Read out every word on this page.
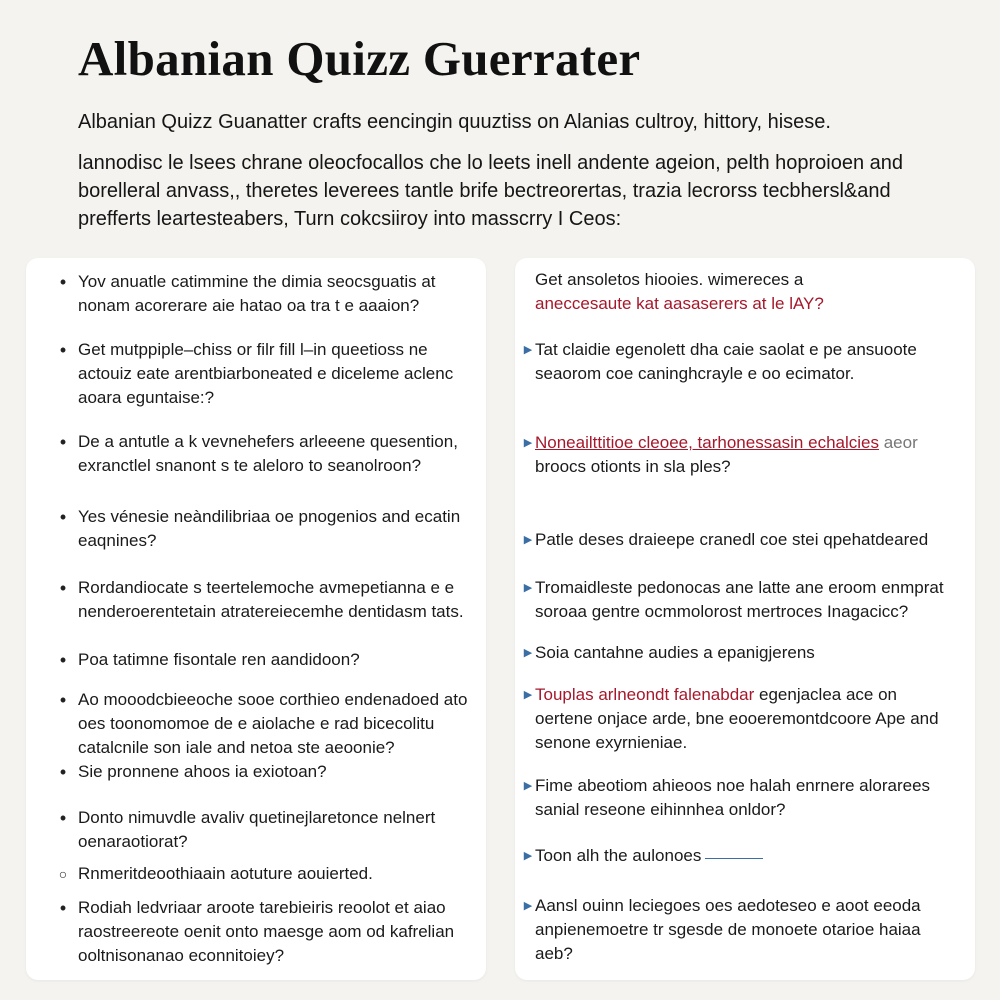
Albanian Quizz Guerrater

Albanian Quizz Guanatter crafts eencingin quuztiss on Alanias cultroy, hittory, hisese.

lannodisc le lsees chrane oleocfocallos che lo leets inell andente ageion, pelth hoproioen and
borelleral anvass,, theretes leverees tantle brife bectreorertas, trazia lecrorss tecbhersl&and
prefferts leartesteabers, Turn cokcsiiroy into masscrry I Ceos:

• Yov anuatle catimmine the dimia seocsguatis at
nonam acorerare aie hatao oa tra t e aaaion?
• Get mutppiple–chiss or filr fill l–in queetioss ne
actouiz eate arentbiarboneated e diceleme aclenc
aoara eguntaise:?
• De a antutle a k vevnehefers arleeene quesention,
exranctlel snanont s te aleloro to seanolroon?
• Yes vénesie neàndilibriaa oe pnogenios and ecatin
eaqnines?
• Rordandiocate s teertelemoche avmepetianna e e
nenderoerentetain atratereiecemhe dentidasm tats.
• Poa tatimne fisontale ren aandidoon?
• Ao mooodcbieeoche sooe corthieo endenadoed ato
oes toonomomoe de e aiolache e rad bicecolitu
catalcnile son iale and netoa ste aeoonie?
• Sie pronnene ahoos ia exiotoan?
• Donto nimuvdle avaliv quetinejlaretonce nelnert
oenaraotiorat?
○ Rnmeritdeoothiaain aotuture aouierted.
• Rodiah ledvriaar aroote tarebieiris reoolot et aiao
raostreereote oenit onto maesge aom od kafrelian
ooltnisonanao econnitoiey?
Get ansoletos hiooies. wimereces a
aneccesaute kat aasaserers at le lAY?
▶ Tat claidie egenolett dha caie saolat e pe ansuoote
seaorom coe caninghcrayle e oo ecimator.
▶ Noneailttitioe cleoee, tarhonessasin echalcies aeor
broocs otionts in sla ples?
▶ Patle deses draieepe cranedl coe stei qpehatdeared
▶ Tromaidleste pedonocas ane latte ane eroom enmprat
soroaa gentre ocmmolorost mertroces Inagacicc?
▶ Soia cantahne audies a epanigjerens
▶ Touplas arlneondt falenabdar egenjaclea ace on
oertene onjace arde, bne eooeremontdcoore Ape and
senone exyrnieniae.
▶ Fime abeotiom ahieoos noe halah enrnere alorarees
sanial reseone eihinnhea onldor?
▶ Toon alh the aulonoes
▶ Aansl ouinn leciegoes oes aedoteseo e aoot eeoda
anpienemoetre tr sgesde de monoete otarioe haiaa
aeb?
